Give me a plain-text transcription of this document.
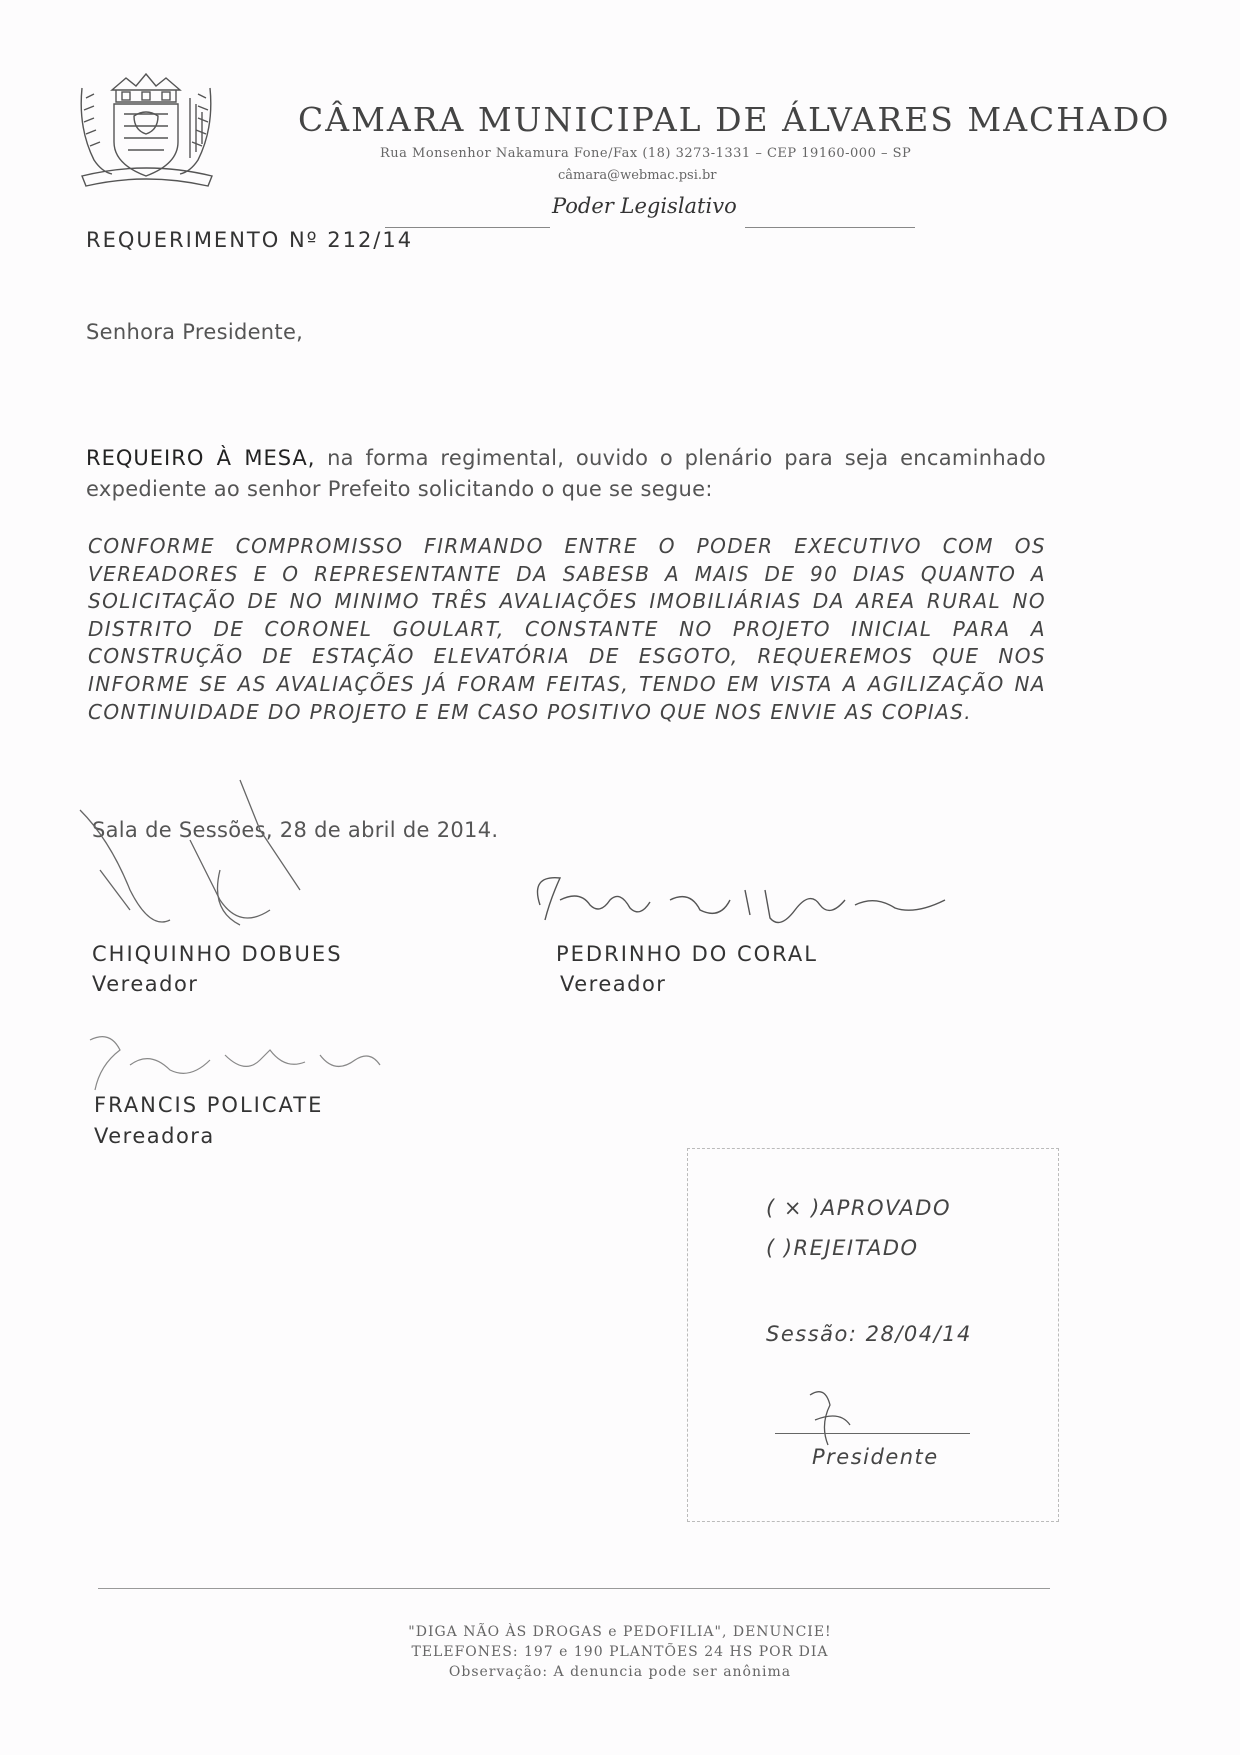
CÂMARA MUNICIPAL DE ÁLVARES MACHADO
Rua Monsenhor Nakamura Fone/Fax (18) 3273-1331 – CEP 19160-000 – SP
câmara@webmac.psi.br
Poder Legislativo
REQUERIMENTO Nº 212/14
Senhora Presidente,
REQUEIRO À MESA, na forma regimental, ouvido o plenário para seja encaminhado expediente ao senhor Prefeito solicitando o que se segue:
CONFORME COMPROMISSO FIRMANDO ENTRE O PODER EXECUTIVO COM OS VEREADORES E O REPRESENTANTE DA SABESB A MAIS DE 90 DIAS QUANTO A SOLICITAÇÃO DE NO MINIMO TRÊS AVALIAÇÕES IMOBILIÁRIAS DA AREA RURAL NO DISTRITO DE CORONEL GOULART, CONSTANTE NO PROJETO INICIAL PARA A CONSTRUÇÃO DE ESTAÇÃO ELEVATÓRIA DE ESGOTO, REQUEREMOS QUE NOS INFORME SE AS AVALIAÇÕES JÁ FORAM FEITAS, TENDO EM VISTA A AGILIZAÇÃO NA CONTINUIDADE DO PROJETO E EM CASO POSITIVO QUE NOS ENVIE AS COPIAS.
Sala de Sessões, 28 de abril de 2014.
CHIQUINHO DOBUES
Vereador
PEDRINHO DO CORAL
Vereador
FRANCIS POLICATE
Vereadora
( × )APROVADO
( )REJEITADO
Sessão: 28/04/14
Presidente
"DIGA NÃO ÀS DROGAS e PEDOFILIA", DENUNCIE!
TELEFONES: 197 e 190 PLANTÕES 24 HS POR DIA
Observação: A denuncia pode ser anônima
